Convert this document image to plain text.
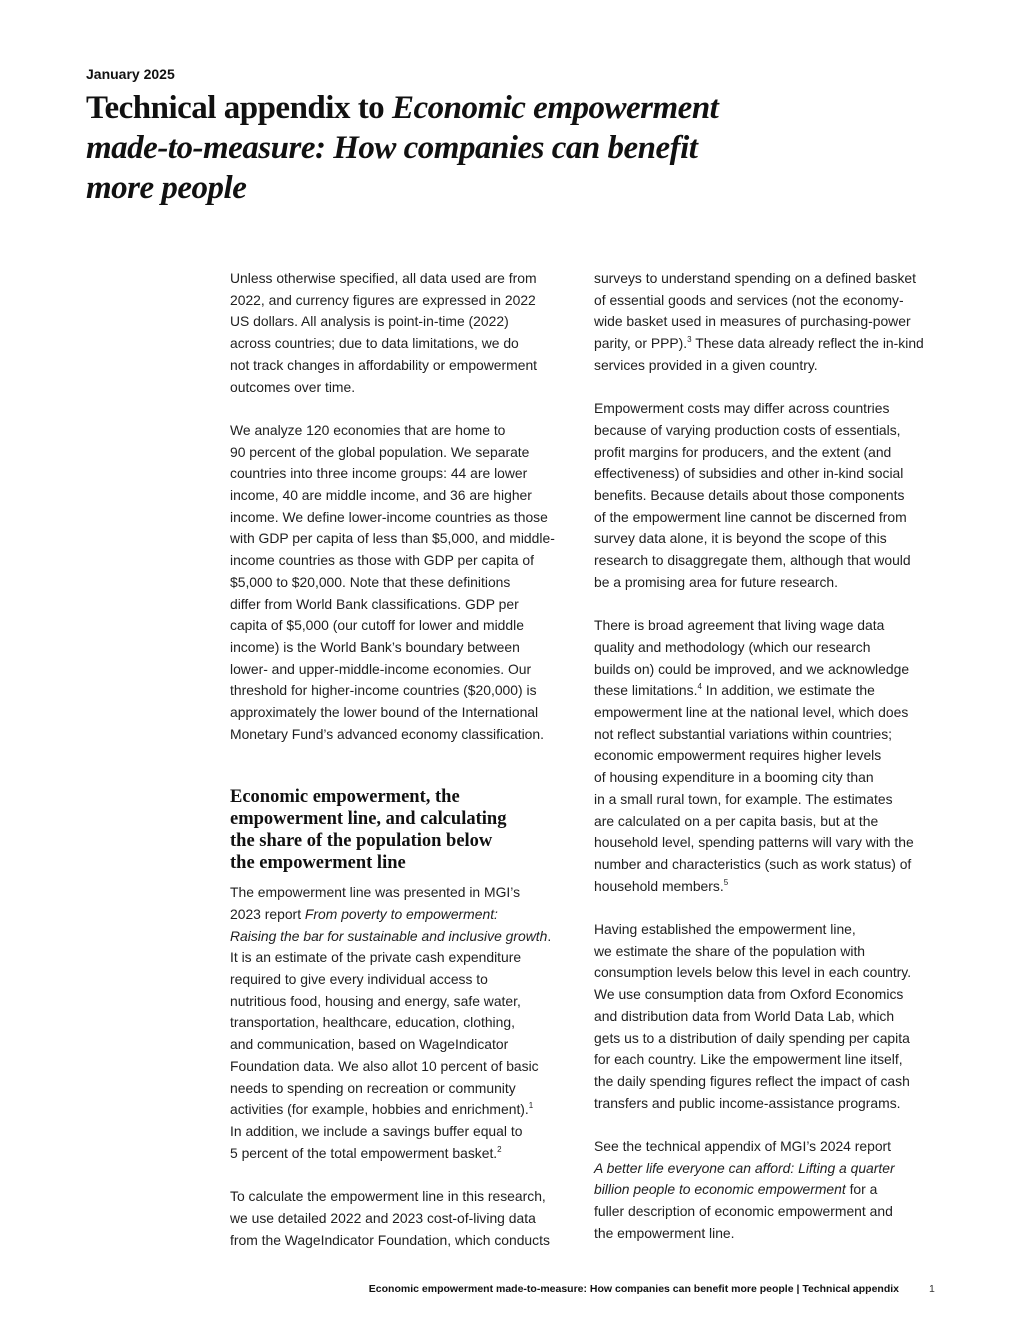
January 2025
Technical appendix to Economic empowerment made-to-measure: How companies can benefit more people

Unless otherwise specified, all data used are from
2022, and currency figures are expressed in 2022
US dollars. All analysis is point-in-time (2022)
across countries; due to data limitations, we do
not track changes in affordability or empowerment
outcomes over time.

We analyze 120 economies that are home to
90 percent of the global population. We separate
countries into three income groups: 44 are lower
income, 40 are middle income, and 36 are higher
income. We define lower-income countries as those
with GDP per capita of less than $5,000, and middle-
income countries as those with GDP per capita of
$5,000 to $20,000. Note that these definitions
differ from World Bank classifications. GDP per
capita of $5,000 (our cutoff for lower and middle
income) is the World Bank’s boundary between
lower- and upper-middle-income economies. Our
threshold for higher-income countries ($20,000) is
approximately the lower bound of the International
Monetary Fund’s advanced economy classification.

Economic empowerment, the
empowerment line, and calculating
the share of the population below
the empowerment line

The empowerment line was presented in MGI’s
2023 report From poverty to empowerment:
Raising the bar for sustainable and inclusive growth.
It is an estimate of the private cash expenditure
required to give every individual access to
nutritious food, housing and energy, safe water,
transportation, healthcare, education, clothing,
and communication, based on WageIndicator
Foundation data. We also allot 10 percent of basic
needs to spending on recreation or community
activities (for example, hobbies and enrichment).$^1$
In addition, we include a savings buffer equal to
5 percent of the total empowerment basket.$^2$

To calculate the empowerment line in this research,
we use detailed 2022 and 2023 cost-of-living data
from the WageIndicator Foundation, which conducts

surveys to understand spending on a defined basket
of essential goods and services (not the economy-
wide basket used in measures of purchasing-power
parity, or PPP).$^3$ These data already reflect the in-kind
services provided in a given country.

Empowerment costs may differ across countries
because of varying production costs of essentials,
profit margins for producers, and the extent (and
effectiveness) of subsidies and other in-kind social
benefits. Because details about those components
of the empowerment line cannot be discerned from
survey data alone, it is beyond the scope of this
research to disaggregate them, although that would
be a promising area for future research.

There is broad agreement that living wage data
quality and methodology (which our research
builds on) could be improved, and we acknowledge
these limitations.$^4$ In addition, we estimate the
empowerment line at the national level, which does
not reflect substantial variations within countries;
economic empowerment requires higher levels
of housing expenditure in a booming city than
in a small rural town, for example. The estimates
are calculated on a per capita basis, but at the
household level, spending patterns will vary with the
number and characteristics (such as work status) of
household members.$^5$

Having established the empowerment line,
we estimate the share of the population with
consumption levels below this level in each country.
We use consumption data from Oxford Economics
and distribution data from World Data Lab, which
gets us to a distribution of daily spending per capita
for each country. Like the empowerment line itself,
the daily spending figures reflect the impact of cash
transfers and public income-assistance programs.

See the technical appendix of MGI’s 2024 report
A better life everyone can afford: Lifting a quarter
billion people to economic empowerment for a
fuller description of economic empowerment and
the empowerment line.

Economic empowerment made-to-measure: How companies can benefit more people | Technical appendix	1
